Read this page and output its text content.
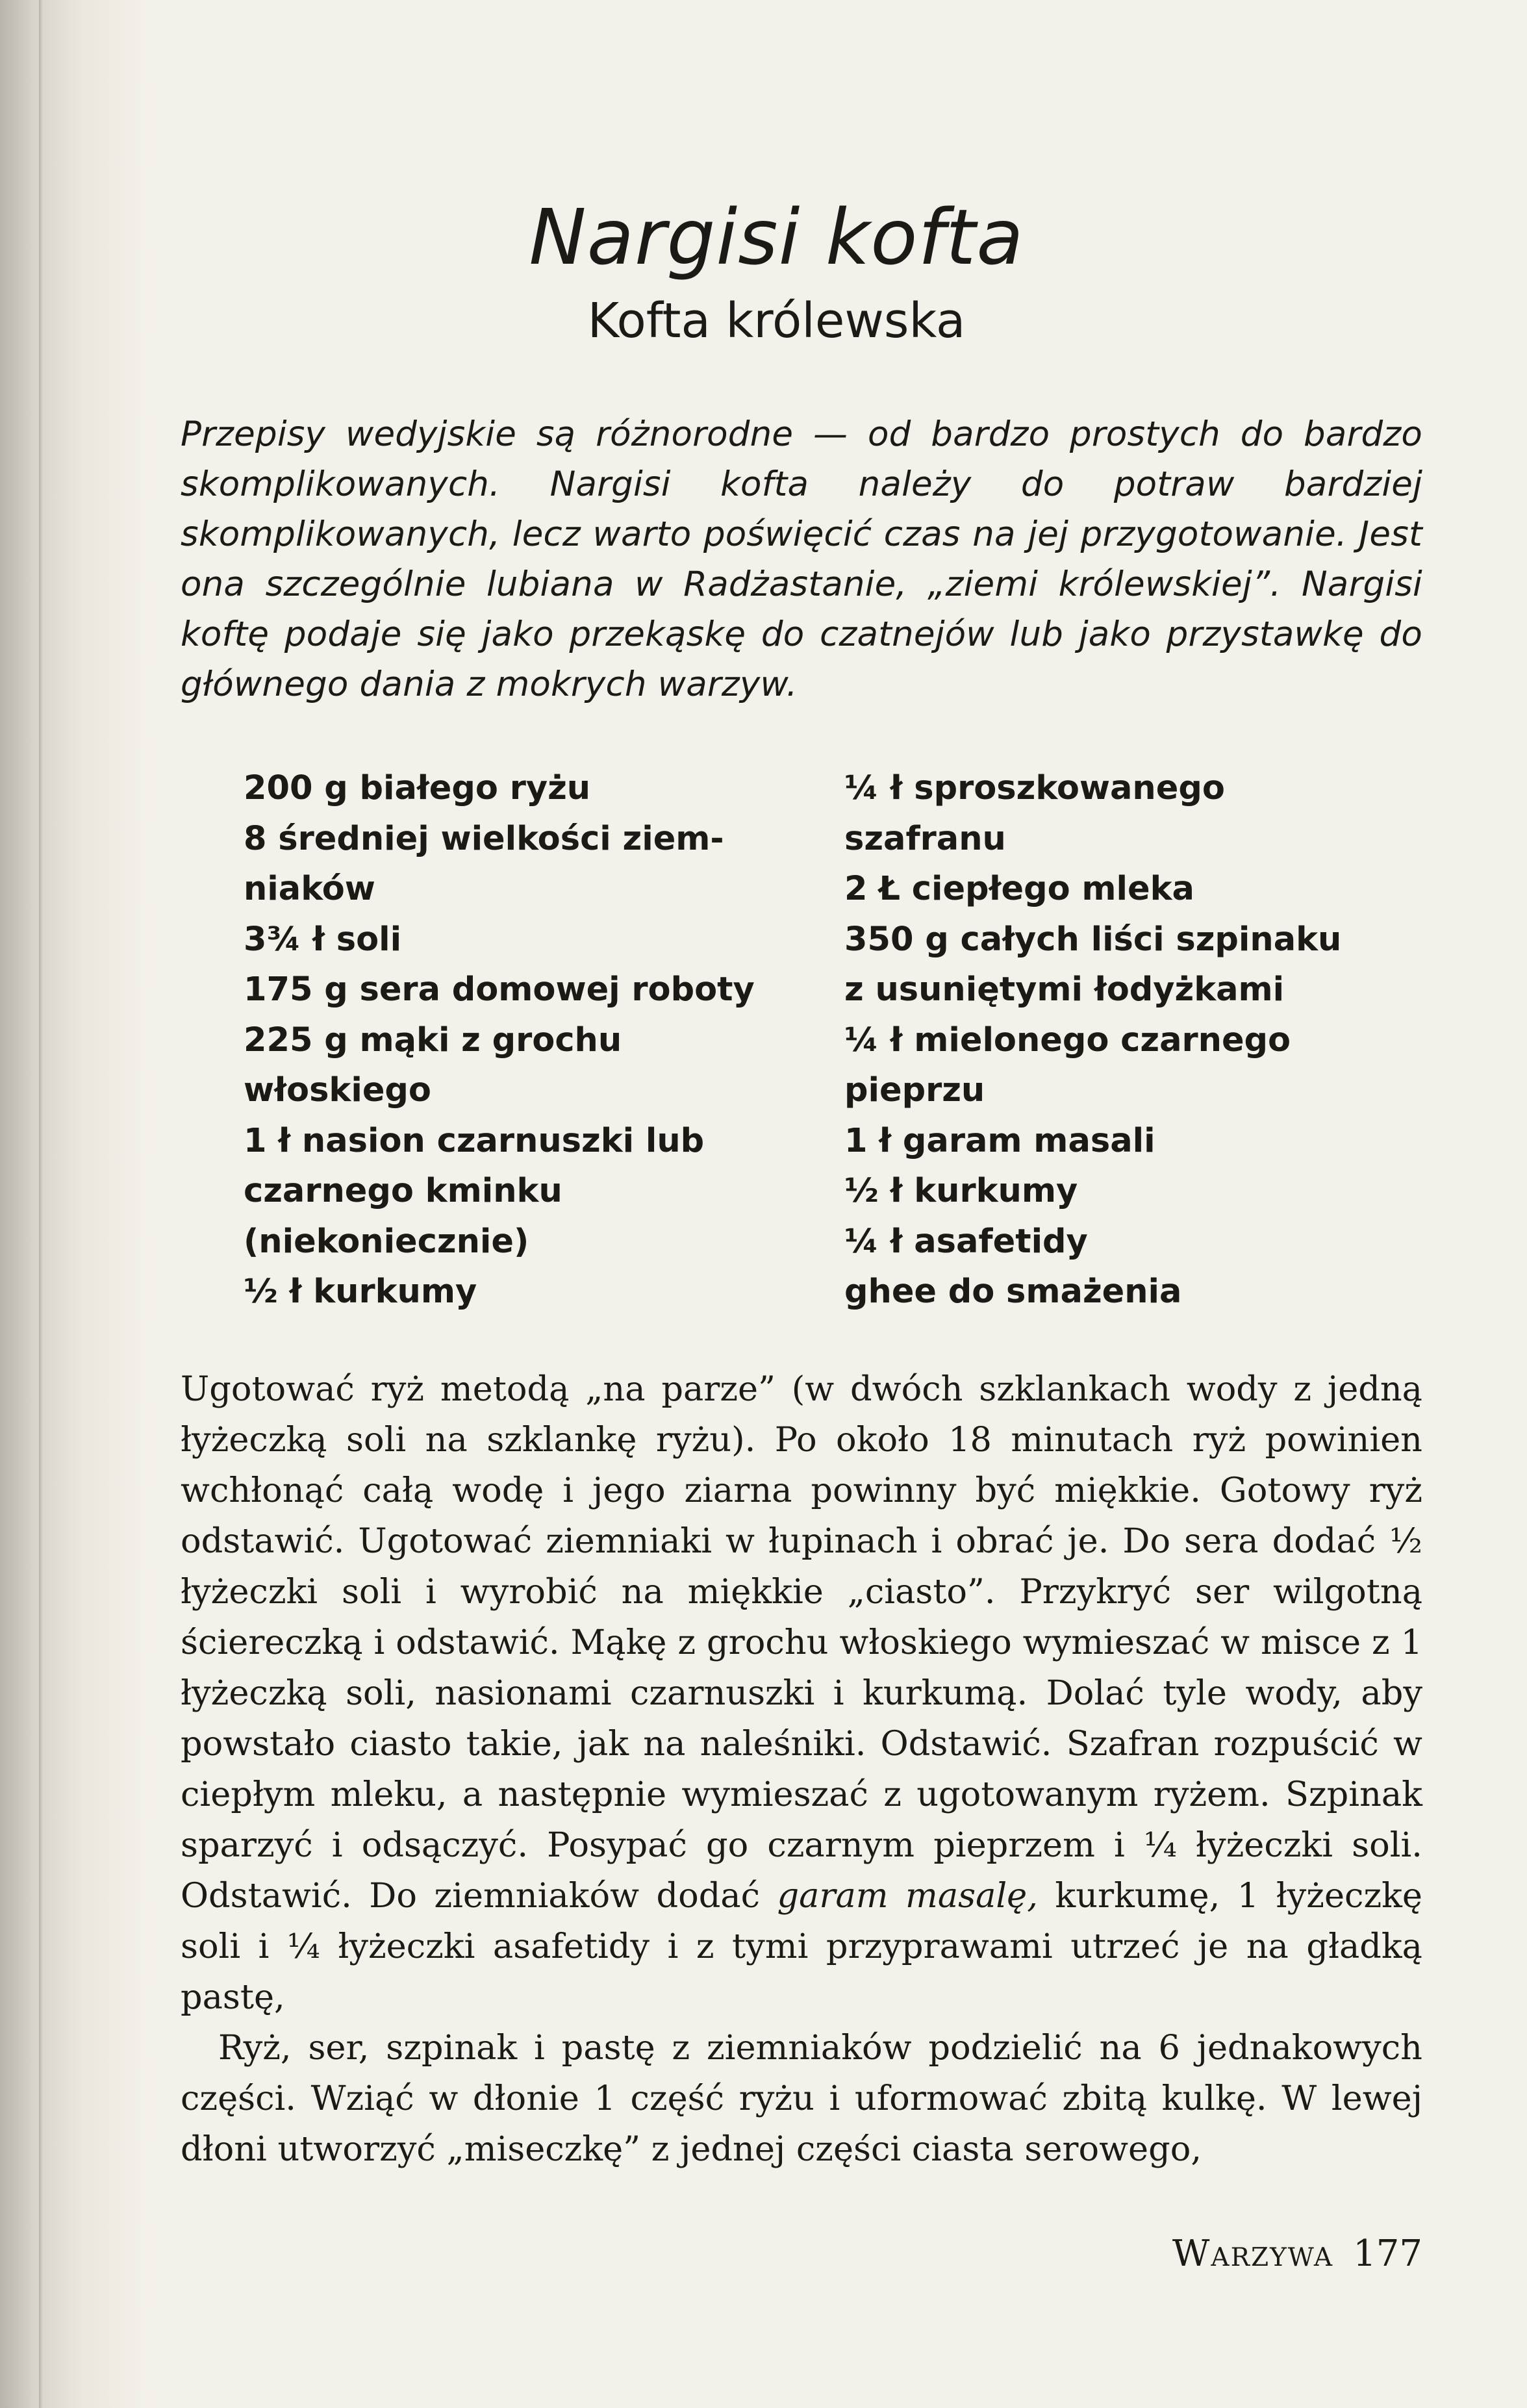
Nargisi kofta
Kofta królewska

Przepisy wedyjskie są różnorodne — od bardzo prostych do bardzo skomplikowanych. Nargisi kofta należy do potraw bardziej skomplikowanych, lecz warto poświęcić czas na jej przygotowanie. Jest ona szczególnie lubiana w Radżastanie, „ziemi królewskiej”. Nargisi koftę podaje się jako przekąskę do czatnejów lub jako przystawkę do głównego dania z mokrych warzyw.

200 g białego ryżu
8 średniej wielkości ziem-
niaków
3¾ ł soli
175 g sera domowej roboty
225 g mąki z grochu
włoskiego
1 ł nasion czarnuszki lub
czarnego kminku
(niekoniecznie)
½ ł kurkumy
¼ ł sproszkowanego
szafranu
2 Ł ciepłego mleka
350 g całych liści szpinaku
z usuniętymi łodyżkami
¼ ł mielonego czarnego
pieprzu
1 ł garam masali
½ ł kurkumy
¼ ł asafetidy
ghee do smażenia

Ugotować ryż metodą „na parze” (w dwóch szklankach wody z jedną łyżeczką soli na szklankę ryżu). Po około 18 minutach ryż powinien wchłonąć całą wodę i jego ziarna powinny być miękkie. Gotowy ryż odstawić. Ugotować ziemniaki w łupinach i obrać je. Do sera dodać ½ łyżeczki soli i wyrobić na miękkie „ciasto”. Przykryć ser wilgotną ściereczką i odstawić. Mąkę z grochu włoskiego wymieszać w misce z 1 łyżeczką soli, nasionami czarnuszki i kurkumą. Dolać tyle wody, aby powstało ciasto takie, jak na naleśniki. Odstawić. Szafran rozpuścić w ciepłym mleku, a następnie wymieszać z ugotowanym ryżem. Szpinak sparzyć i odsączyć. Posypać go czarnym pieprzem i ¼ łyżeczki soli. Odstawić. Do ziemniaków dodać garam masalę, kurkumę, 1 łyżeczkę soli i ¼ łyżeczki asafetidy i z tymi przyprawami utrzeć je na gładką pastę,

Ryż, ser, szpinak i pastę z ziemniaków podzielić na 6 jednakowych części. Wziąć w dłonie 1 część ryżu i uformować zbitą kulkę. W lewej dłoni utworzyć „miseczkę” z jednej części ciasta serowego,

Warzywa 177
